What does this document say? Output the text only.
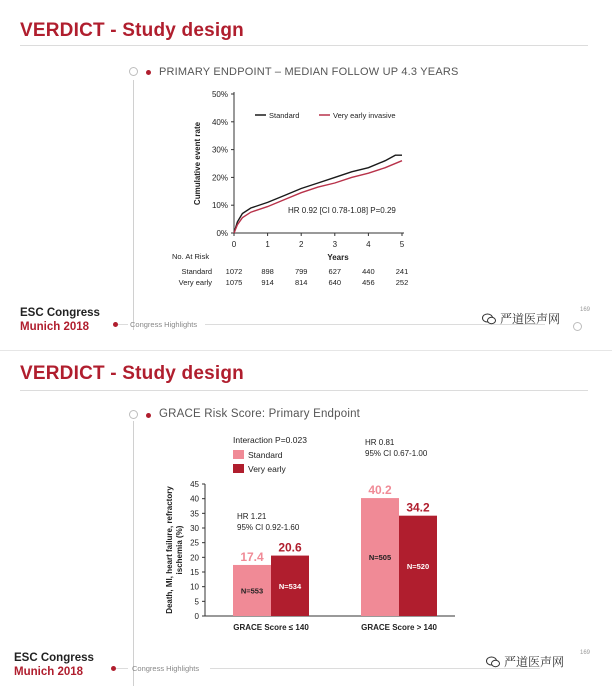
VERDICT - Study design
PRIMARY ENDPOINT – MEDIAN FOLLOW UP 4.3 YEARS
Standard	Very early invasive
0%
10%
20%
30%
40%
50%
0	1	2	3	4	5
Years
Cumulative event rate
HR 0.92 [CI 0.78-1.08] P=0.29
No. At Risk
Standard 1072	898	799	627	440	241
Very early 1075	914	814	640	456	252
ESC Congress
Munich 2018	Congress Highlights	严道医声网
169
VERDICT - Study design
GRACE Risk Score: Primary Endpoint
0
5
10
15
20
25
30
35
40
45
Death, MI, heart failure, refractory ischemia (%)	17.4
N=553
20.6
N=534
GRACE Score ≤ 140
40.2
N=505
34.2
N=520
GRACE Score > 140
Interaction P=0.023
Standard
Very early
HR 1.21
95% CI 0.92-1.60
HR 0.81
95% CI 0.67-1.00
ESC Congress
Munich 2018	Congress Highlights	严道医声网
169
